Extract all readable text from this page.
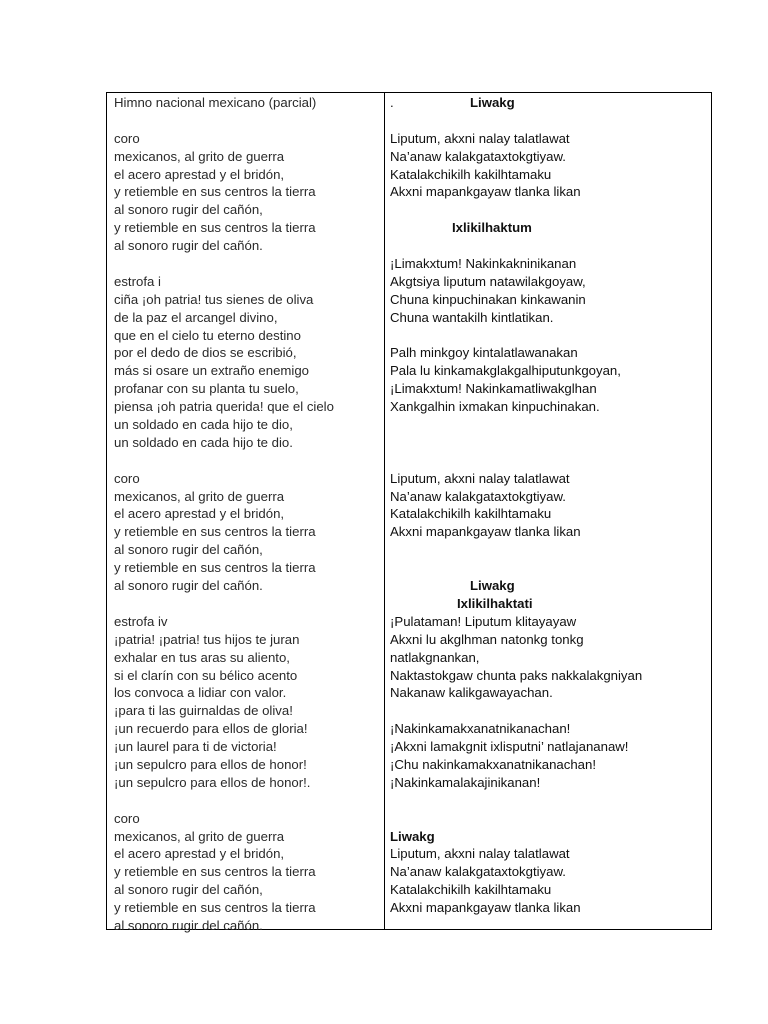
Himno nacional mexicano (parcial)
coro
mexicanos, al grito de guerra
el acero aprestad y el bridón,
y retiemble en sus centros la tierra
al sonoro rugir del cañón,
y retiemble en sus centros la tierra
al sonoro rugir del cañón.
estrofa i
ciña ¡oh patria! tus sienes de oliva
de la paz el arcangel divino,
que en el cielo tu eterno destino
por el dedo de dios se escribió,
más si osare un extraño enemigo
profanar con su planta tu suelo,
piensa ¡oh patria querida! que el cielo
un soldado en cada hijo te dio,
un soldado en cada hijo te dio.
coro
mexicanos, al grito de guerra
el acero aprestad y el bridón,
y retiemble en sus centros la tierra
al sonoro rugir del cañón,
y retiemble en sus centros la tierra
al sonoro rugir del cañón.
estrofa iv
¡patria! ¡patria! tus hijos te juran
exhalar en tus aras su aliento,
si el clarín con su bélico acento
los convoca a lidiar con valor.
¡para ti las guirnaldas de oliva!
¡un recuerdo para ellos de gloria!
¡un laurel para ti de victoria!
¡un sepulcro para ellos de honor!
¡un sepulcro para ellos de honor!.
coro
mexicanos, al grito de guerra
el acero aprestad y el bridón,
y retiemble en sus centros la tierra
al sonoro rugir del cañón,
y retiemble en sus centros la tierra
al sonoro rugir del cañón.
.	Liwakg
Liputum, akxni nalay talatlawat
Na’anaw kalakgataxtokgtiyaw.
Katalakchikilh kakilhtamaku
Akxni mapankgayaw tlanka likan
Ixlikilhaktum
¡Limakxtum! Nakinkakninikanan
Akgtsiya liputum natawilakgoyaw,
Chuna kinpuchinakan kinkawanin
Chuna wantakilh kintlatikan.
Palh minkgoy kintalatlawanakan
Pala lu kinkamakglakgalhiputunkgoyan,
¡Limakxtum! Nakinkamatliwakglhan
Xankgalhin ixmakan kinpuchinakan.
Liputum, akxni nalay talatlawat
Na’anaw kalakgataxtokgtiyaw.
Katalakchikilh kakilhtamaku
Akxni mapankgayaw tlanka likan
Liwakg
Ixlikilhaktati
¡Pulataman! Liputum klitayayaw
Akxni lu akglhman natonkg tonkg
natlakgnankan,
Naktastokgaw chunta paks nakkalakgniyan
Nakanaw kalikgawayachan.
¡Nakinkamakxanatnikanachan!
¡Akxni lamakgnit ixlisputni’ natlajananaw!
¡Chu nakinkamakxanatnikanachan!
¡Nakinkamalakajinikanan!
Liwakg
Liputum, akxni nalay talatlawat
Na’anaw kalakgataxtokgtiyaw.
Katalakchikilh kakilhtamaku
Akxni mapankgayaw tlanka likan
